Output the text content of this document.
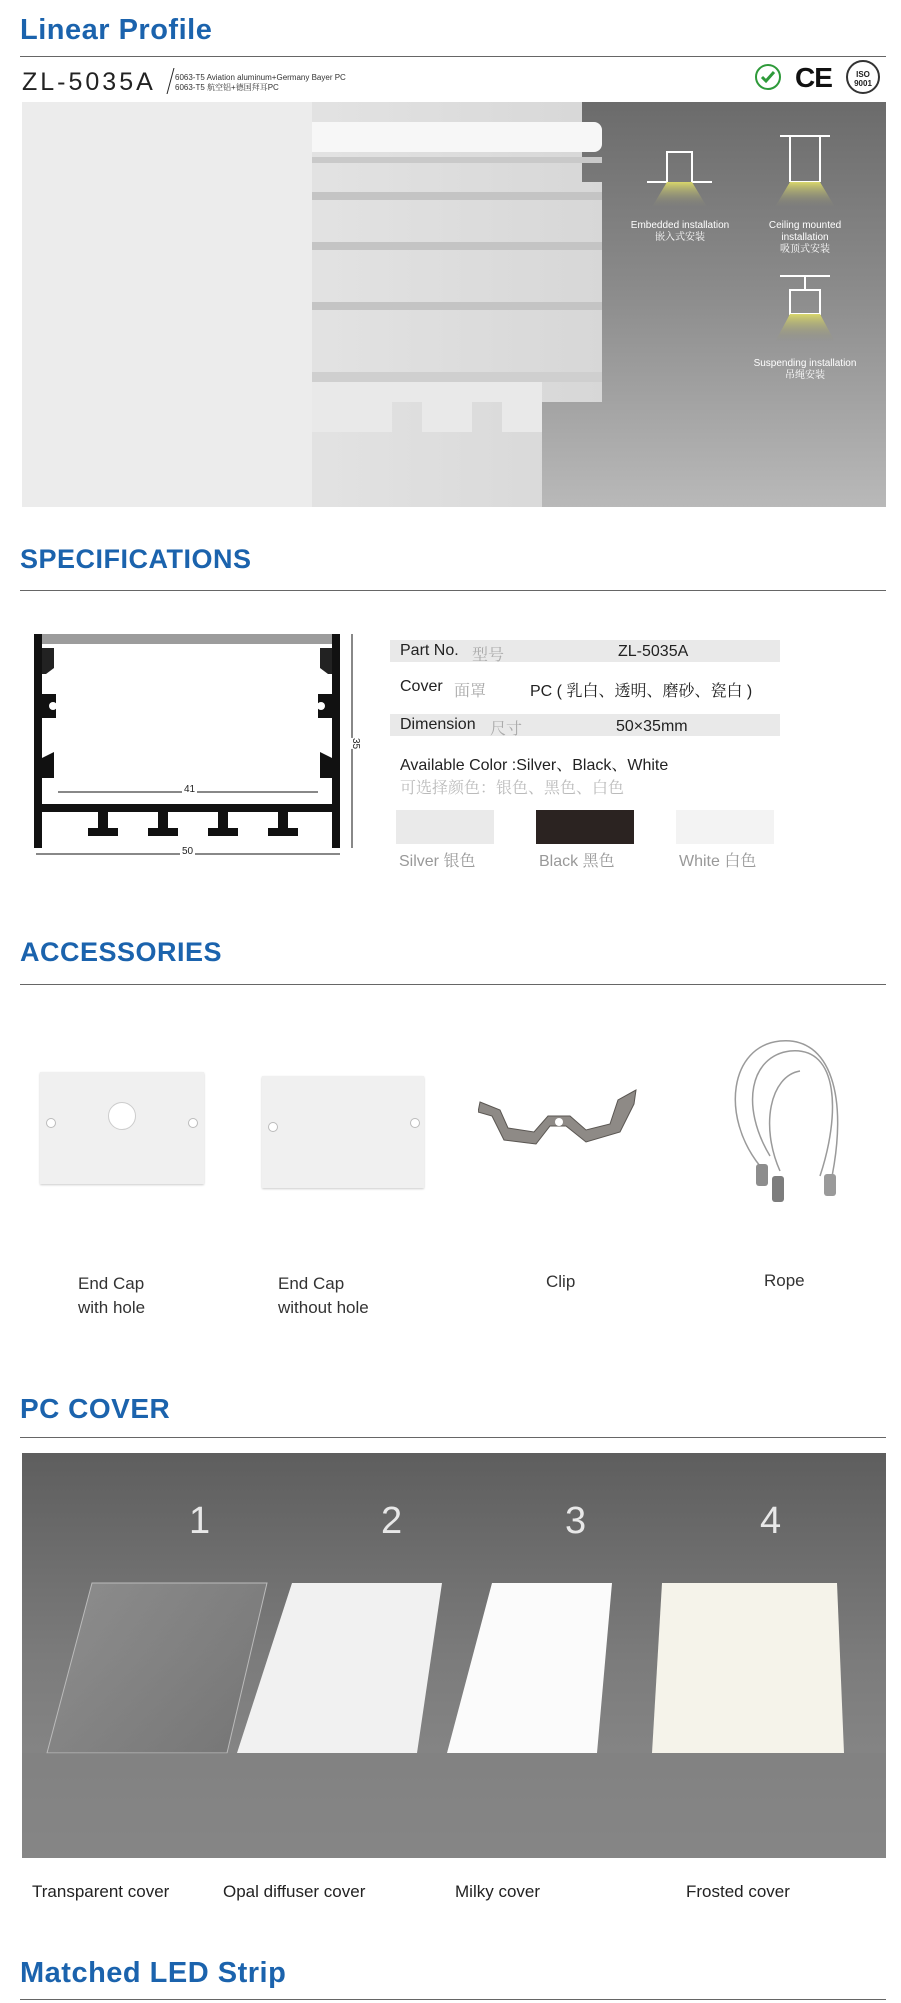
Linear Profile
ZL-5035A 6063-T5 Aviation aluminum+Germany Bayer PC
6063-T5 航空铝+德国拜耳PC	CE	ISO
9001
Embedded installation
嵌入式安装
Ceiling mounted installation
吸顶式安装
Suspending installation
吊绳安装
SPECIFICATIONS
41
50
35
Part No. 型号	ZL-5035A
Cover 面罩	PC ( 乳白、透明、磨砂、瓷白 )
Dimension 尺寸	50×35mm
Available Color :Silver、Black、White
可选择颜色：银色、黑色、白色
Silver 银色	Black 黑色	White 白色
ACCESSORIES
End Cap
with hole
End Cap
without hole
Clip	Rope
PC COVER
1	2	3	4
Transparent cover	Opal diffuser cover	Milky cover	Frosted cover
Matched LED Strip
